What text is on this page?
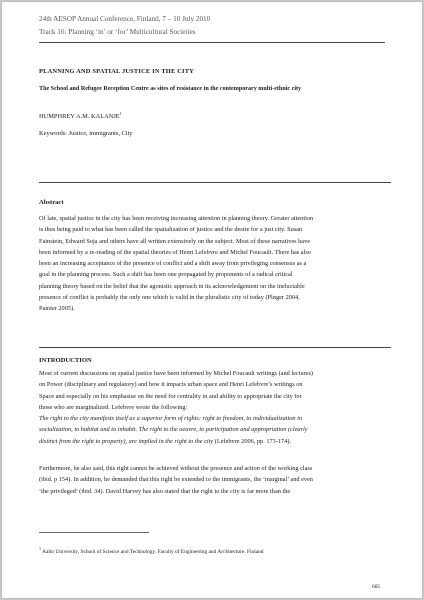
24th AESOP Annual Conference, Finland, 7 – 10 July 2010
Track 16: Planning ‘in’ or ‘for’ Multicultural Societies
PLANNING AND SPATIAL JUSTICE IN THE CITY
The School and Refugee Reception Centre as sites of resistance in the contemporary multi-ethnic city
HUMPHREY A.M. KALANJE$^1$
Keywords: Justice, immigrants, City
Abstract
Of late, spatial justice in the city has been receiving increasing attention in planning theory. Greater attention
is thus being paid to what has been called the spatialization of justice and the desire for a just city. Susan
Fainstein, Edward Soja and others have all written extensively on the subject. Most of these narratives have
been informed by a re-reading of the spatial theories of Henri Lefebvre and Michel Foucault. There has also
been an increasing acceptance of the presence of conflict and a shift away from privileging consensus as a
goal in the planning process. Such a shift has been one propagated by proponents of a radical critical
planning theory based on the belief that the agonistic approach in its acknowledgement on the ineluctable
presence of conflict is probably the only one which is valid in the pluralistic city of today (Pløger 2004,
Painter 2005).
INTRODUCTION
Most of current discussions on spatial justice have been informed by Michel Foucault writings (and lectures)
on Power (disciplinary and regulatory) and how it impacts urban space and Henri Lefebvre’s writings on
Space and especially on his emphasise on the need for centrality in and ability to appropriate the city for
those who are marginalized. Lefebvre wrote the following:
The right to the city manifests itself as a superior form of rights: right to freedom, to individualization in
socialization, to habitat and to inhabit. The right to the oeuvre, to participation and appropriation (clearly
distinct from the right to property), are implied in the right to the city (Lefebvre 2006, pp. 173-174).
Furthermore, he also said, this right cannot be achieved without the presence and action of the working class
(ibid. p 154). In addition, he demanded that this right be extended to the immigrants, the ‘marginal’ and even
‘the privileged’ (ibid. 34). David Harvey has also stated that the right to the city is far more than the
$^1$ Aalto University, School of Science and Technology. Faculty of Engineering and Architecture. Finland
605
